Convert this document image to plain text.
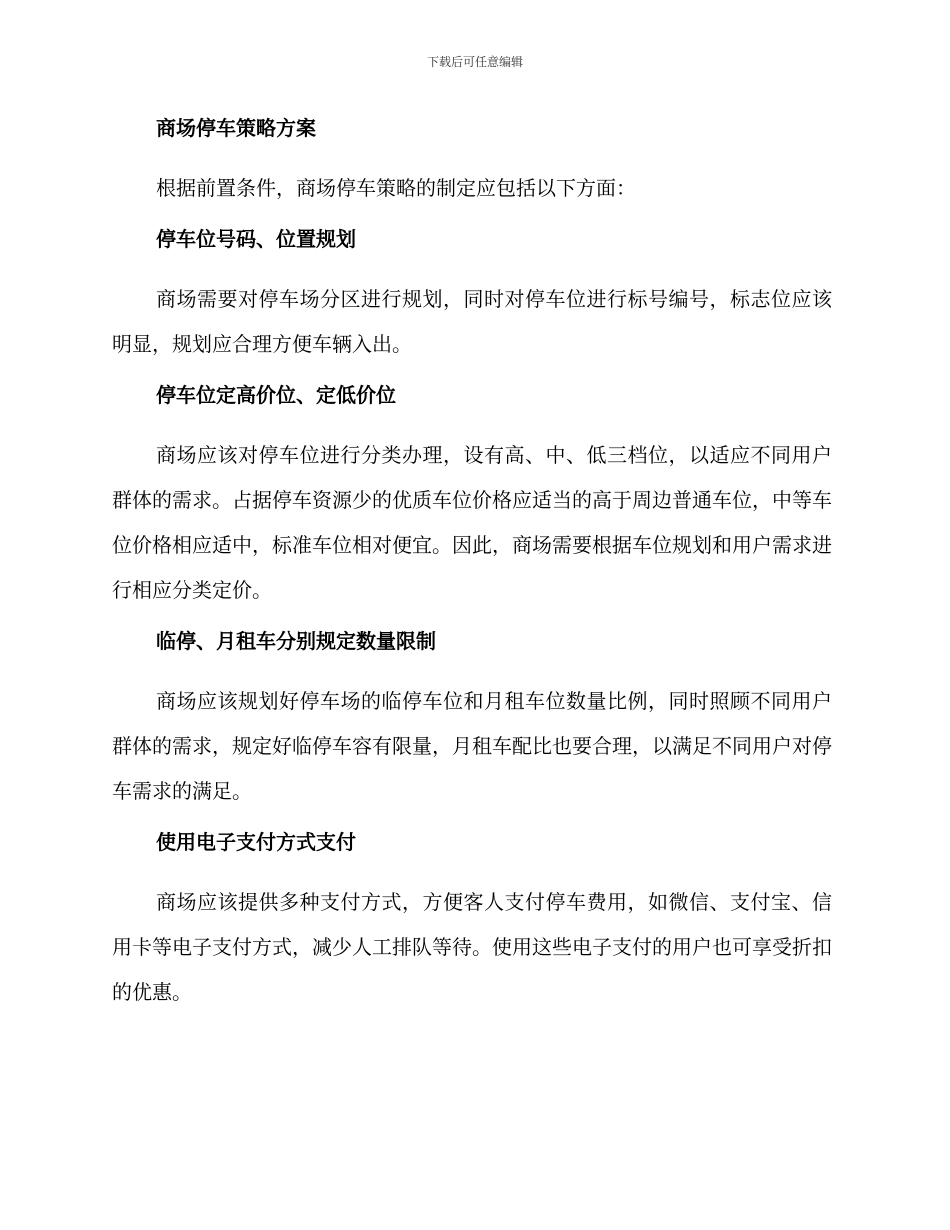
下载后可任意编辑
商场停车策略方案
根据前置条件，商场停车策略的制定应包括以下方面：
停车位号码、位置规划
商场需要对停车场分区进行规划，同时对停车位进行标号编号，标志位应该明显，规划应合理方便车辆入出。
停车位定高价位、定低价位
商场应该对停车位进行分类办理，设有高、中、低三档位，以适应不同用户群体的需求。占据停车资源少的优质车位价格应适当的高于周边普通车位，中等车位价格相应适中，标准车位相对便宜。因此，商场需要根据车位规划和用户需求进行相应分类定价。
临停、月租车分别规定数量限制
商场应该规划好停车场的临停车位和月租车位数量比例，同时照顾不同用户群体的需求，规定好临停车容有限量，月租车配比也要合理，以满足不同用户对停车需求的满足。
使用电子支付方式支付
商场应该提供多种支付方式，方便客人支付停车费用，如微信、支付宝、信用卡等电子支付方式，减少人工排队等待。使用这些电子支付的用户也可享受折扣的优惠。
